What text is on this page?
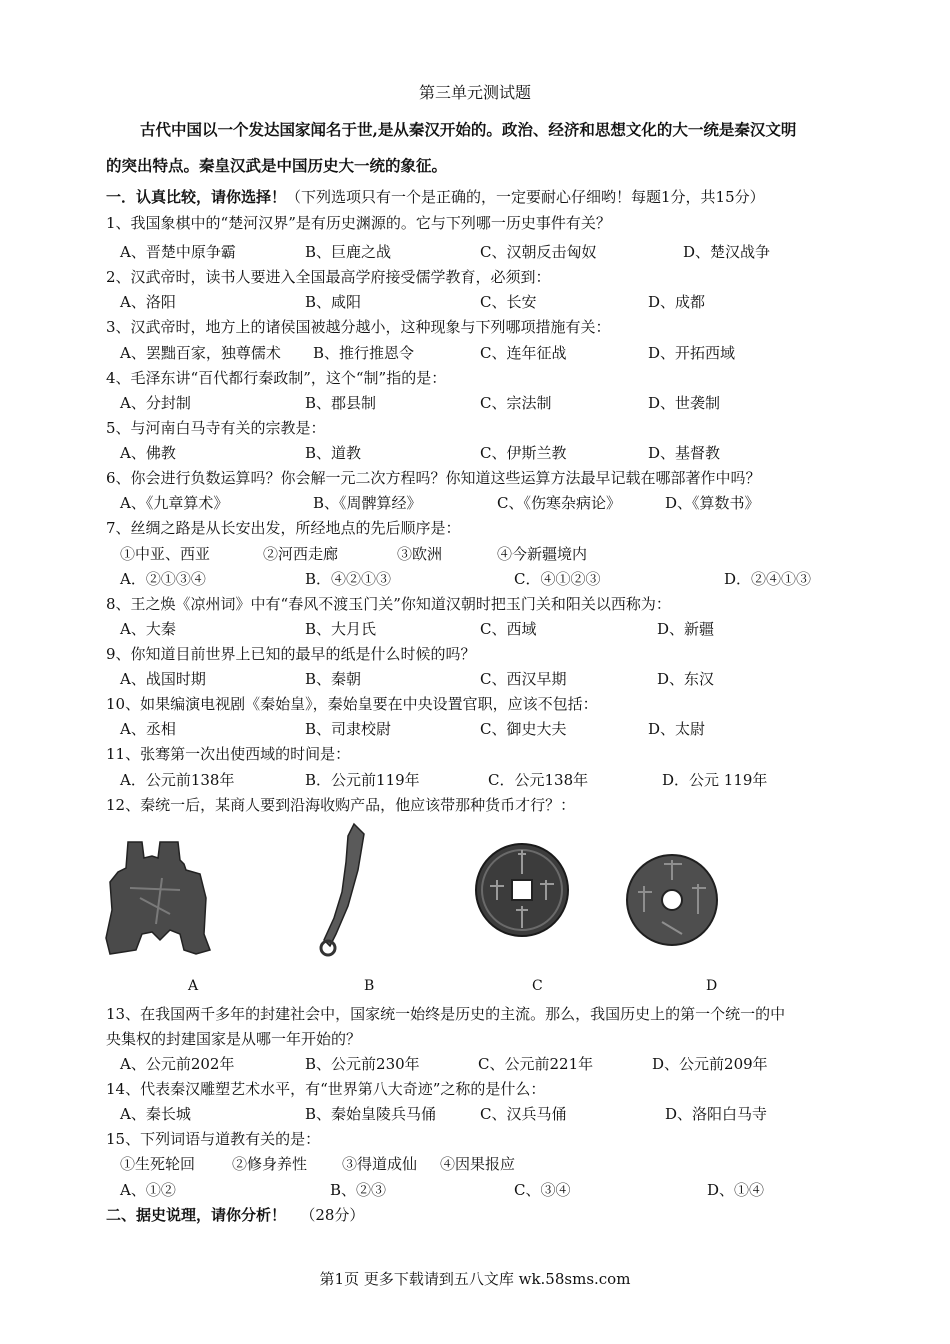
第三单元测试题
古代中国以一个发达国家闻名于世,是从秦汉开始的。政治、经济和思想文化的大一统是秦汉文明
的突出特点。秦皇汉武是中国历史大一统的象征。
一．认真比较，请你选择！（下列选项只有一个是正确的，一定要耐心仔细哟！每题1分，共15分）
1、我国象棋中的“楚河汉界”是有历史渊源的。它与下列哪一历史事件有关？
A、晋楚中原争霸	B、巨鹿之战	C、汉朝反击匈奴	D、楚汉战争
2、汉武帝时，读书人要进入全国最高学府接受儒学教育，必须到：
A、洛阳	B、咸阳	C、长安	D、成都
3、汉武帝时，地方上的诸侯国被越分越小，这种现象与下列哪项措施有关：
A、罢黜百家，独尊儒术 B、推行推恩令	C、连年征战	D、开拓西域
4、毛泽东讲“百代都行秦政制”，这个“制”指的是：
A、分封制	B、郡县制	C、宗法制	D、世袭制
5、与河南白马寺有关的宗教是：
A、佛教	B、道教	C、伊斯兰教	D、基督教
6、你会进行负数运算吗？你会解一元二次方程吗？你知道这些运算方法最早记载在哪部著作中吗？
A、《九章算术》	B、《周髀算经》	C、《伤寒杂病论》	D、《算数书》
7、丝绸之路是从长安出发，所经地点的先后顺序是：
①中亚、西亚	②河西走廊	③欧洲	④今新疆境内
A．②①③④	B．④②①③	C．④①②③	D．②④①③
8、王之焕《凉州词》中有“春风不渡玉门关”你知道汉朝时把玉门关和阳关以西称为：
A、大秦	B、大月氏	C、西域	D、新疆
9、你知道目前世界上已知的最早的纸是什么时候的吗？
A、战国时期	B、秦朝	C、西汉早期	D、东汉
10、如果编演电视剧《秦始皇》，秦始皇要在中央设置官职，应该不包括：
A、丞相	B、司隶校尉	C、御史大夫	D、太尉
11、张骞第一次出使西域的时间是：
A．公元前138年	B．公元前119年	C．公元138年	D．公元 119年
12、秦统一后，某商人要到沿海收购产品，他应该带那种货币才行？：
A	B	C	D
13、在我国两千多年的封建社会中，国家统一始终是历史的主流。那么，我国历史上的第一个统一的中
央集权的封建国家是从哪一年开始的？
A、公元前202年	B、公元前230年	C、公元前221年	D、公元前209年
14、代表秦汉雕塑艺术水平，有“世界第八大奇迹”之称的是什么：
A、秦长城	B、秦始皇陵兵马俑	C、汉兵马俑	D、洛阳白马寺
15、下列词语与道教有关的是：
①生死轮回 ②修身养性 ③得道成仙 ④因果报应
A、①②	B、②③	C、③④	D、①④
二、据史说理，请你分析！ （28分）
第1页 更多下载请到五八文库 wk.58sms.com
